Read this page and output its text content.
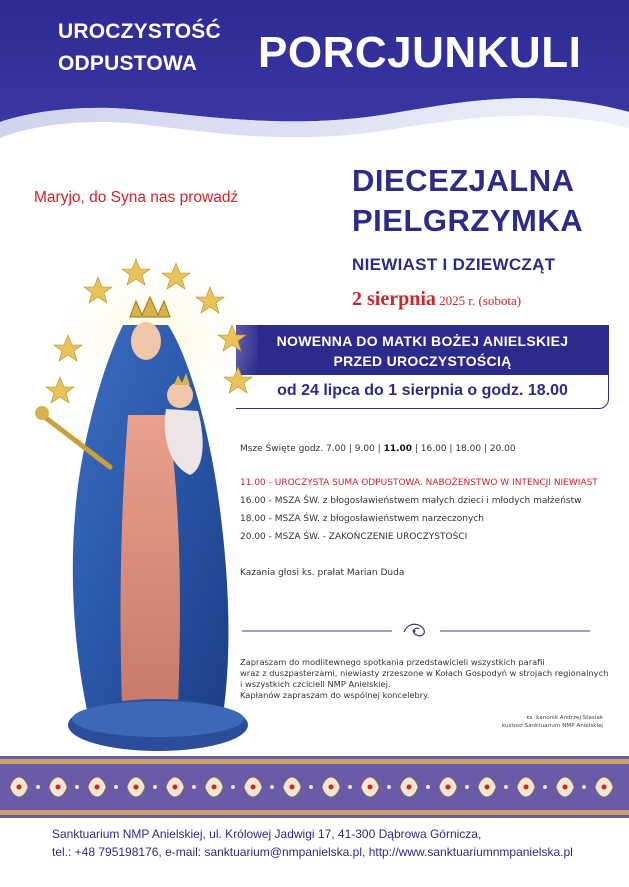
UROCZYSTOŚĆ
ODPUSTOWA PORCJUNKULI
Maryjo, do Syna nas prowadź	DIECEZJALNA
PIELGRZYMKA
NIEWIAST I DZIEWCZĄT
2 sierpnia 2025 r. (sobota)
NOWENNA DO MATKI BOŻEJ ANIELSKIEJ
PRZED UROCZYSTOŚCIĄ
od 24 lipca do 1 sierpnia o godz. 18.00
Msze Święte godz. 7.00 | 9.00 | 11.00 | 16.00 | 18.00 | 20.00
11.00 - UROCZYSTA SUMA ODPUSTOWA. NABOŻEŃSTWO W INTENCJI NIEWIAST
16.00 - MSZA ŚW. z błogosławieństwem małych dzieci i młodych małżeństw
18.00 - MSZA ŚW. z błogosławieństwem narzeczonych
20.00 - MSZA ŚW. - ZAKOŃCZENIE UROCZYSTOŚCI
Kazania głosi ks. prałat Marian Duda

Zapraszam do modlitewnego spotkania przedstawicieli wszystkich parafii

wraz z duszpasterzami, niewiasty zrzeszone w Kołach Gospodyń w strojach regionalnych

i wszystkich czcicieli NMP Anielskiej.

Kapłanów zapraszam do wspólnej koncelebry.

ks. kanonik Andrzej Stasiak
kustosz Sanktuarium NMP Anielskiej
Sanktuarium NMP Anielskiej, ul. Królowej Jadwigi 17, 41-300 Dąbrowa Górnicza,
tel.: +48 795198176, e-mail: sanktuarium@nmpanielska.pl, http://www.sanktuariumnmpanielska.pl
